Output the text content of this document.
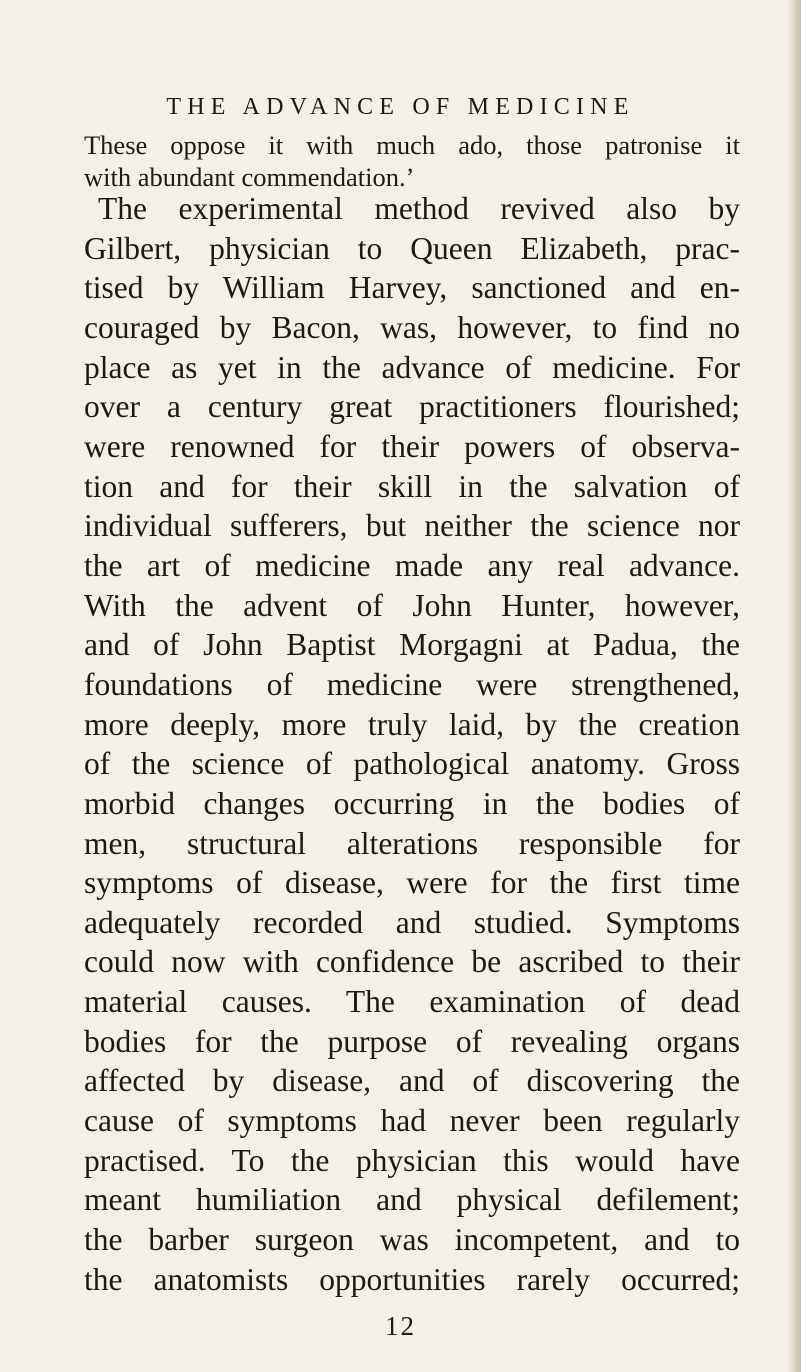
THE ADVANCE OF MEDICINE
These oppose it with much ado, those patronise it
with abundant commendation.’
The experimental method revived also by
Gilbert, physician to Queen Elizabeth, prac-
tised by William Harvey, sanctioned and en-
couraged by Bacon, was, however, to find no
place as yet in the advance of medicine. For
over a century great practitioners flourished;
were renowned for their powers of observa-
tion and for their skill in the salvation of
individual sufferers, but neither the science nor
the art of medicine made any real advance.
With the advent of John Hunter, however,
and of John Baptist Morgagni at Padua, the
foundations of medicine were strengthened,
more deeply, more truly laid, by the creation
of the science of pathological anatomy. Gross
morbid changes occurring in the bodies of
men, structural alterations responsible for
symptoms of disease, were for the first time
adequately recorded and studied. Symptoms
could now with confidence be ascribed to their
material causes. The examination of dead
bodies for the purpose of revealing organs
affected by disease, and of discovering the
cause of symptoms had never been regularly
practised. To the physician this would have
meant humiliation and physical defilement;
the barber surgeon was incompetent, and to
the anatomists opportunities rarely occurred;
12
